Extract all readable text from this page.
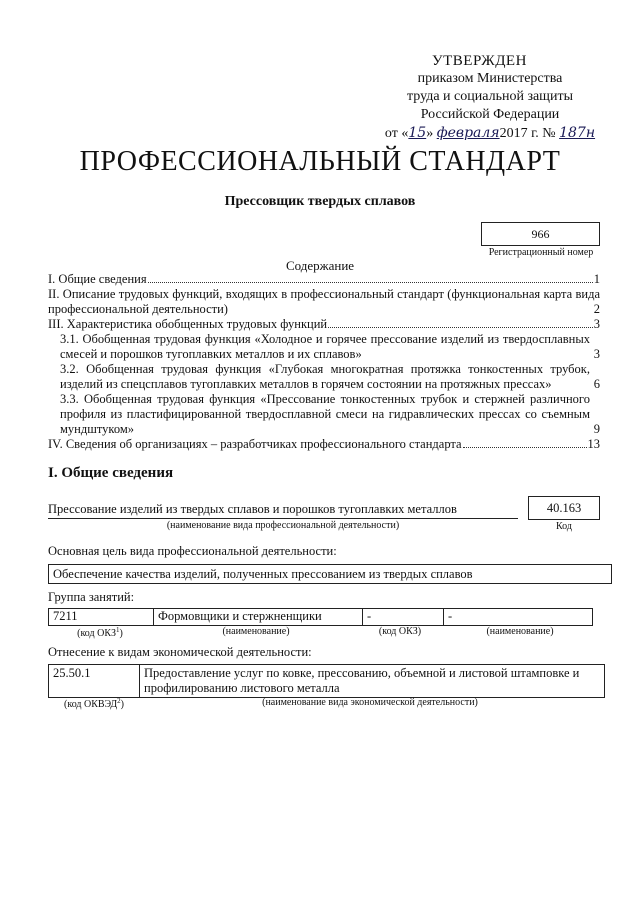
УТВЕРЖДЕН
приказом Министерства
труда и социальной защиты
Российской Федерации
от «15» февраля2017 г. № 187н
ПРОФЕССИОНАЛЬНЫЙ СТАНДАРТ
Прессовщик твердых сплавов
966
Регистрационный номер
Содержание
I. Общие сведения	1
II. Описание трудовых функций, входящих в профессиональный стандарт (функциональная карта вида профессиональной деятельности)	2
III. Характеристика обобщенных трудовых функций	3
3.1. Обобщенная трудовая функция «Холодное и горячее прессование изделий из твердосплавных смесей и порошков тугоплавких металлов и их сплавов»	3
3.2. Обобщенная трудовая функция «Глубокая многократная протяжка тонкостенных трубок, изделий из спецсплавов тугоплавких металлов в горячем состоянии на протяжных прессах»	6
3.3. Обобщенная трудовая функция «Прессование тонкостенных трубок и стержней различного профиля из пластифицированной твердосплавной смеси на гидравлических прессах со съемным мундштуком»	9
IV. Сведения об организациях – разработчиках профессионального стандарта	13
I. Общие сведения
Прессование изделий из твердых сплавов и порошков тугоплавких металлов
(наименование вида профессиональной деятельности)
40.163
Код
Основная цель вида профессиональной деятельности:
Обеспечение качества изделий, полученных прессованием из твердых сплавов
Группа занятий:
7211	Формовщики и стержненщики	-	-
(код ОКЗ$^1$)	(наименование)	(код ОКЗ)	(наименование)
Отнесение к видам экономической деятельности:
25.50.1	Предоставление услуг по ковке, прессованию, объемной и листовой штамповке и профилированию листового металла
(код ОКВЭД$^2$)	(наименование вида экономической деятельности)
